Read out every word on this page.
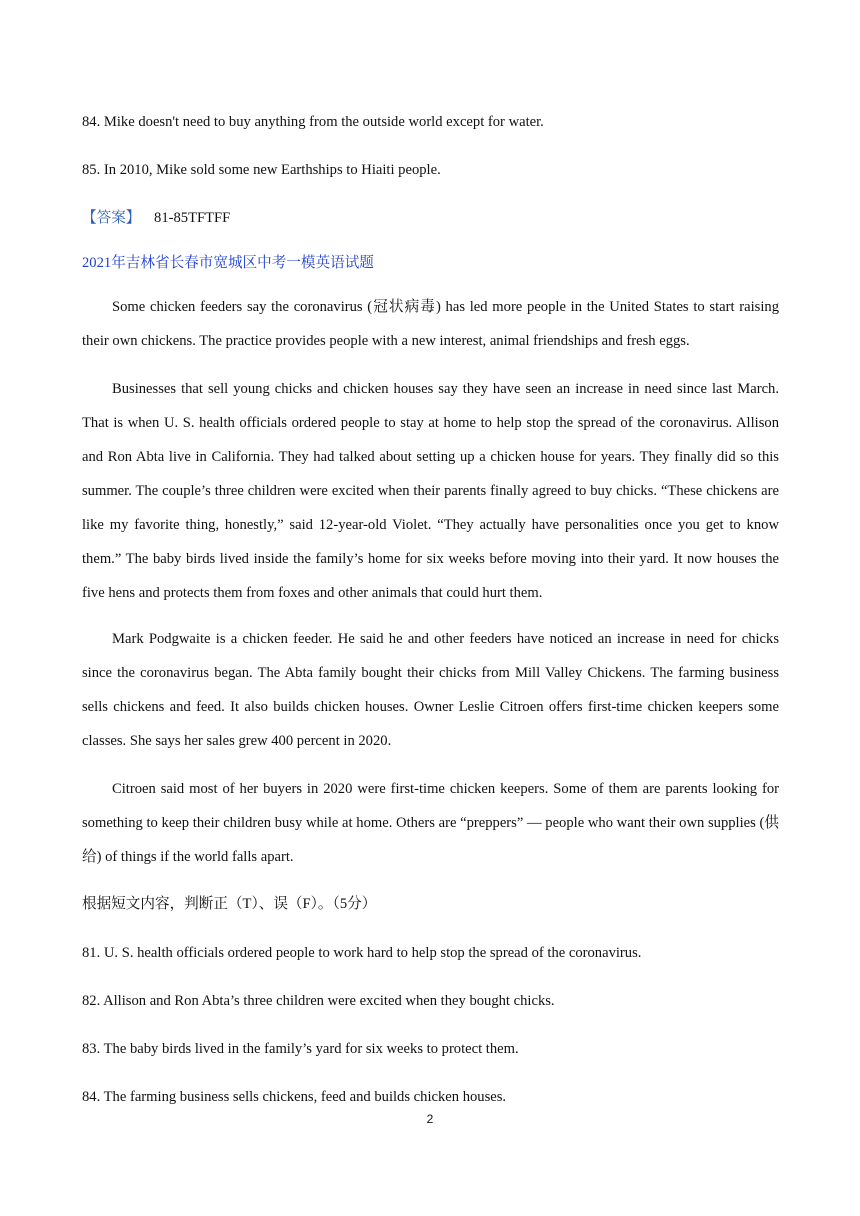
84. Mike doesn't need to buy anything from the outside world except for water.
85. In 2010, Mike sold some new Earthships to Hiaiti people.
【答案】 81-85TFTFF
2021年吉林省长春市宽城区中考一模英语试题
Some chicken feeders say the coronavirus (冠状病毒) has led more people in the United States to start raising their own chickens. The practice provides people with a new interest, animal friendships and fresh eggs.
Businesses that sell young chicks and chicken houses say they have seen an increase in need since last March. That is when U. S. health officials ordered people to stay at home to help stop the spread of the coronavirus. Allison and Ron Abta live in California. They had talked about setting up a chicken house for years. They finally did so this summer. The couple’s three children were excited when their parents finally agreed to buy chicks. “These chickens are like my favorite thing, honestly,” said 12-year-old Violet. “They actually have personalities once you get to know them.” The baby birds lived inside the family’s home for six weeks before moving into their yard. It now houses the five hens and protects them from foxes and other animals that could hurt them.
Mark Podgwaite is a chicken feeder. He said he and other feeders have noticed an increase in need for chicks since the coronavirus began. The Abta family bought their chicks from Mill Valley Chickens. The farming business sells chickens and feed. It also builds chicken houses. Owner Leslie Citroen offers first-time chicken keepers some classes. She says her sales grew 400 percent in 2020.
Citroen said most of her buyers in 2020 were first-time chicken keepers. Some of them are parents looking for something to keep their children busy while at home. Others are “preppers” — people who want their own supplies (供给) of things if the world falls apart.
根据短文内容，判断正（T）、误（F）。（5分）
81. U. S. health officials ordered people to work hard to help stop the spread of the coronavirus.
82. Allison and Ron Abta’s three children were excited when they bought chicks.
83. The baby birds lived in the family’s yard for six weeks to protect them.
84. The farming business sells chickens, feed and builds chicken houses.
2
